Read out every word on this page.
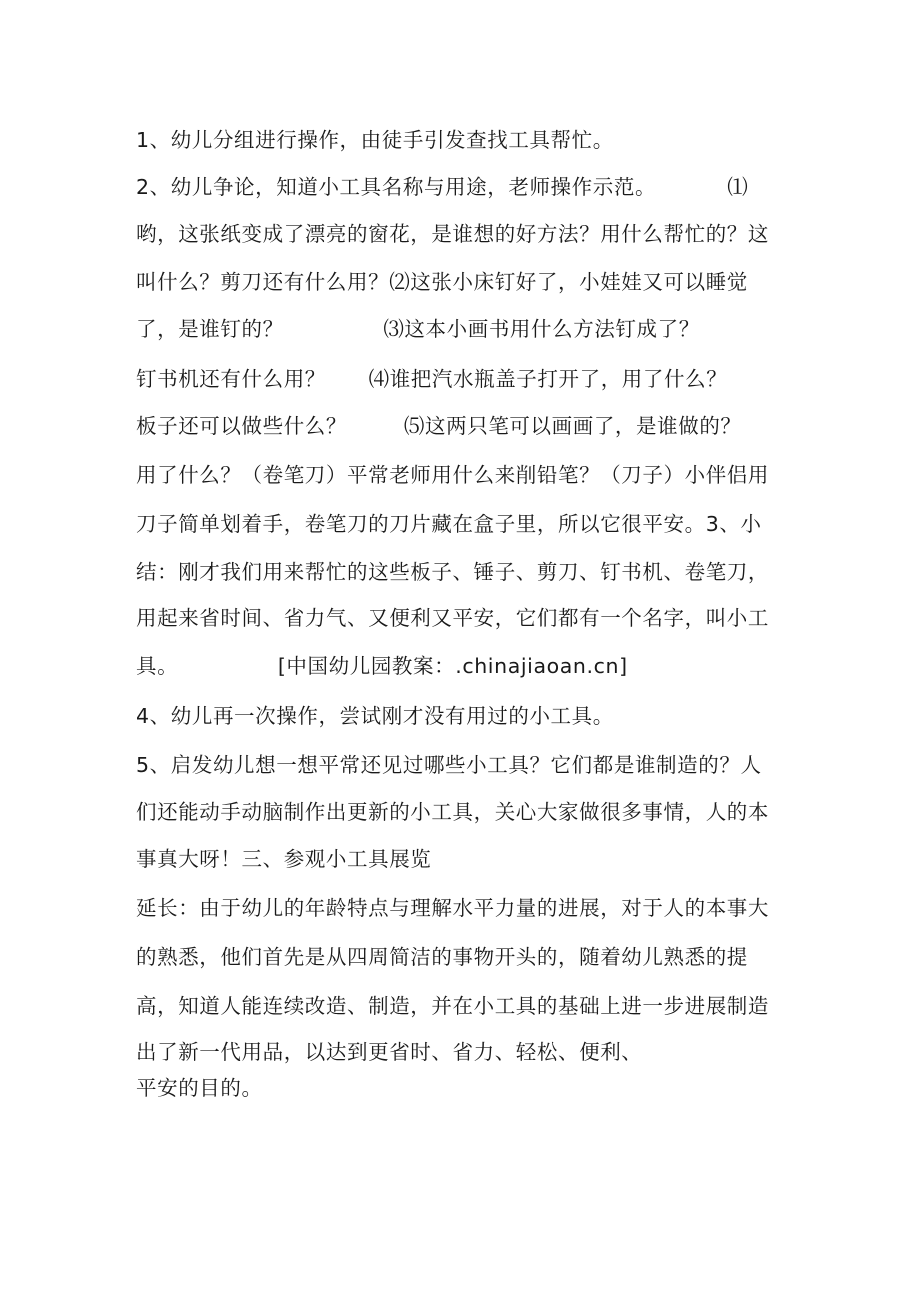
1、幼儿分组进行操作，由徒手引发查找工具帮忙。

2、幼儿争论，知道小工具名称与用途，老师操作示范。          ⑴

哟，这张纸变成了漂亮的窗花，是谁想的好方法？用什么帮忙的？这

叫什么？剪刀还有什么用？⑵这张小床钉好了，小娃娃又可以睡觉

了，是谁钉的？              ⑶这本小画书用什么方法钉成了？

钉书机还有什么用？      ⑷谁把汽水瓶盖子打开了，用了什么？

板子还可以做些什么？        ⑸这两只笔可以画画了，是谁做的？

用了什么？（卷笔刀）平常老师用什么来削铅笔？（刀子）小伴侣用

刀子简单划着手，卷笔刀的刀片藏在盒子里，所以它很平安。3、小

结：刚才我们用来帮忙的这些板子、锤子、剪刀、钉书机、卷笔刀，

用起来省时间、省力气、又便利又平安，它们都有一个名字，叫小工

具。              [中国幼儿园教案：.chinajiaoan.cn]

4、幼儿再一次操作，尝试刚才没有用过的小工具。

5、启发幼儿想一想平常还见过哪些小工具？它们都是谁制造的？人

们还能动手动脑制作出更新的小工具，关心大家做很多事情，人的本

事真大呀！三、参观小工具展览

延长：由于幼儿的年龄特点与理解水平力量的进展，对于人的本事大

的熟悉，他们首先是从四周简洁的事物开头的，随着幼儿熟悉的提

高，知道人能连续改造、制造，并在小工具的基础上进一步进展制造

出了新一代用品，以达到更省时、省力、轻松、便利、

平安的目的。
